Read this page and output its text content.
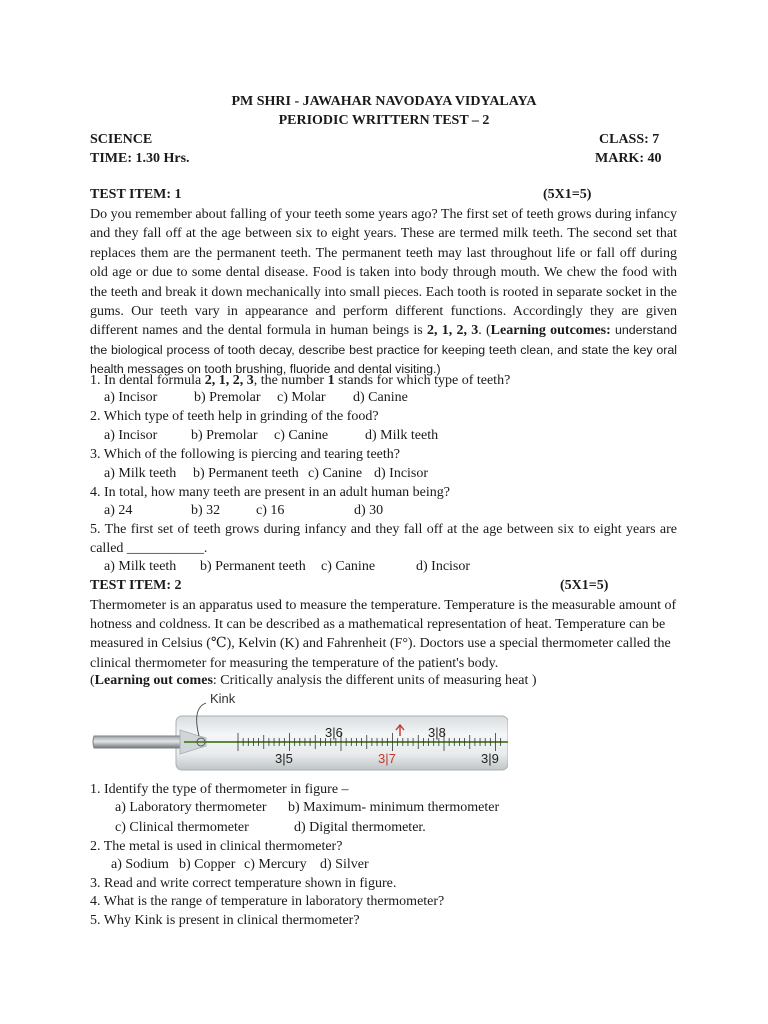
PM SHRI - JAWAHAR NAVODAYA VIDYALAYA
PERIODIC WRITTERN TEST – 2
SCIENCE	CLASS: 7
TIME: 1.30 Hrs.	MARK: 40
TEST ITEM: 1	(5X1=5)
Do you remember about falling of your teeth some years ago? The first set of teeth grows during infancy and they fall off at the age between six to eight years. These are termed milk teeth. The second set that replaces them are the permanent teeth. The permanent teeth may last throughout life or fall off during old age or due to some dental disease. Food is taken into body through mouth. We chew the food with the teeth and break it down mechanically into small pieces. Each tooth is rooted in separate socket in the gums. Our teeth vary in appearance and perform different functions. Accordingly they are given different names and the dental formula in human beings is 2, 1, 2, 3. (Learning outcomes: understand the biological process of tooth decay, describe best practice for keeping teeth clean, and state the key oral health messages on tooth brushing, fluoride and dental visiting.)
1. In dental formula 2, 1, 2, 3, the number 1 stands for which type of teeth?
a) Incisor	b) Premolar c) Molar d) Canine
2. Which type of teeth help in grinding of the food?
a) Incisor b) Premolar c) Canine	d) Milk teeth
3. Which of the following is piercing and tearing teeth?
a) Milk teeth b) Permanent teeth c) Canine d) Incisor
4. In total, how many teeth are present in an adult human being?
a) 24	b) 32	c) 16	d) 30
5. The first set of teeth grows during infancy and they fall off at the age between six to eight years are
called ___________.
a) Milk teeth b) Permanent teeth c) Canine	d) Incisor
TEST ITEM: 2	(5X1=5)
Thermometer is an apparatus used to measure the temperature. Temperature is the measurable amount of hotness and coldness. It can be described as a mathematical representation of heat. Temperature can be measured in Celsius (℃), Kelvin (K) and Fahrenheit (F°). Doctors use a special thermometer called the clinical thermometer for measuring the temperature of the patient's body.
(Learning out comes: Critically analysis the different units of measuring heat )
Kink
3|6	3|8
3|5	3|7	3|9
1. Identify the type of thermometer in figure –
a) Laboratory thermometer b) Maximum- minimum thermometer
c) Clinical thermometer	d) Digital thermometer.
2. The metal is used in clinical thermometer?
a) Sodium b) Copper c) Mercury d) Silver
3. Read and write correct temperature shown in figure.
4. What is the range of temperature in laboratory thermometer?
5. Why Kink is present in clinical thermometer?
